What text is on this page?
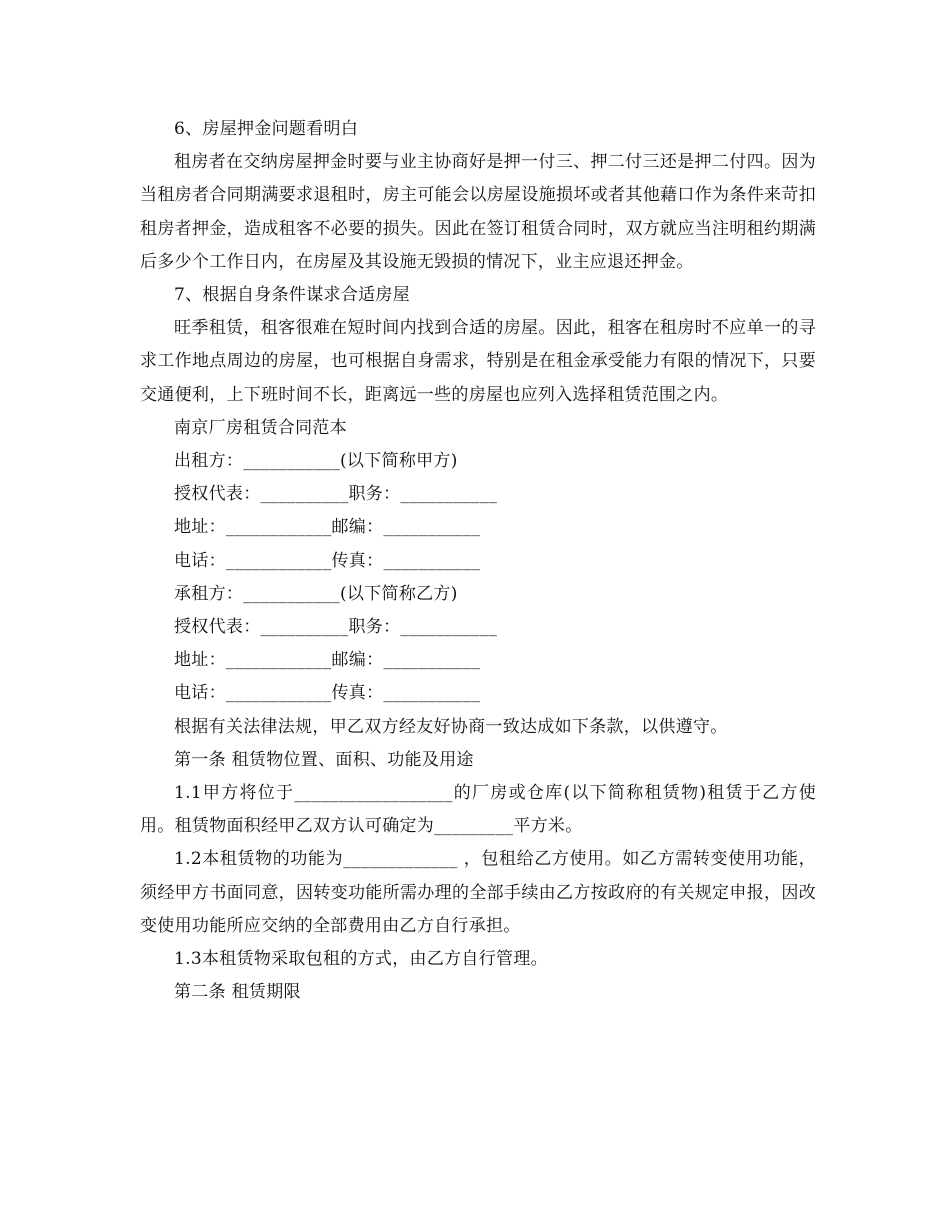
6、房屋押金问题看明白

租房者在交纳房屋押金时要与业主协商好是押一付三、押二付三还是押二付四。因为当租房者合同期满要求退租时，房主可能会以房屋设施损坏或者其他藉口作为条件来苛扣租房者押金，造成租客不必要的损失。因此在签订租赁合同时，双方就应当注明租约期满后多少个工作日内，在房屋及其设施无毁损的情况下，业主应退还押金。

7、根据自身条件谋求合适房屋

旺季租赁，租客很难在短时间内找到合适的房屋。因此，租客在租房时不应单一的寻求工作地点周边的房屋，也可根据自身需求，特别是在租金承受能力有限的情况下，只要交通便利，上下班时间不长，距离远一些的房屋也应列入选择租赁范围之内。

南京厂房租赁合同范本

出租方：___________(以下简称甲方)

授权代表：__________职务：___________

地址：____________邮编：___________

电话：____________传真：___________

承租方：___________(以下简称乙方)

授权代表：__________职务：___________

地址：____________邮编：___________

电话：____________传真：___________

根据有关法律法规，甲乙双方经友好协商一致达成如下条款，以供遵守。

第一条 租赁物位置、面积、功能及用途

1.1甲方将位于__________________的厂房或仓库(以下简称租赁物)租赁于乙方使用。租赁物面积经甲乙双方认可确定为_________平方米。

1.2本租赁物的功能为_____________ ，包租给乙方使用。如乙方需转变使用功能，须经甲方书面同意，因转变功能所需办理的全部手续由乙方按政府的有关规定申报，因改变使用功能所应交纳的全部费用由乙方自行承担。

1.3本租赁物采取包租的方式，由乙方自行管理。

第二条 租赁期限
